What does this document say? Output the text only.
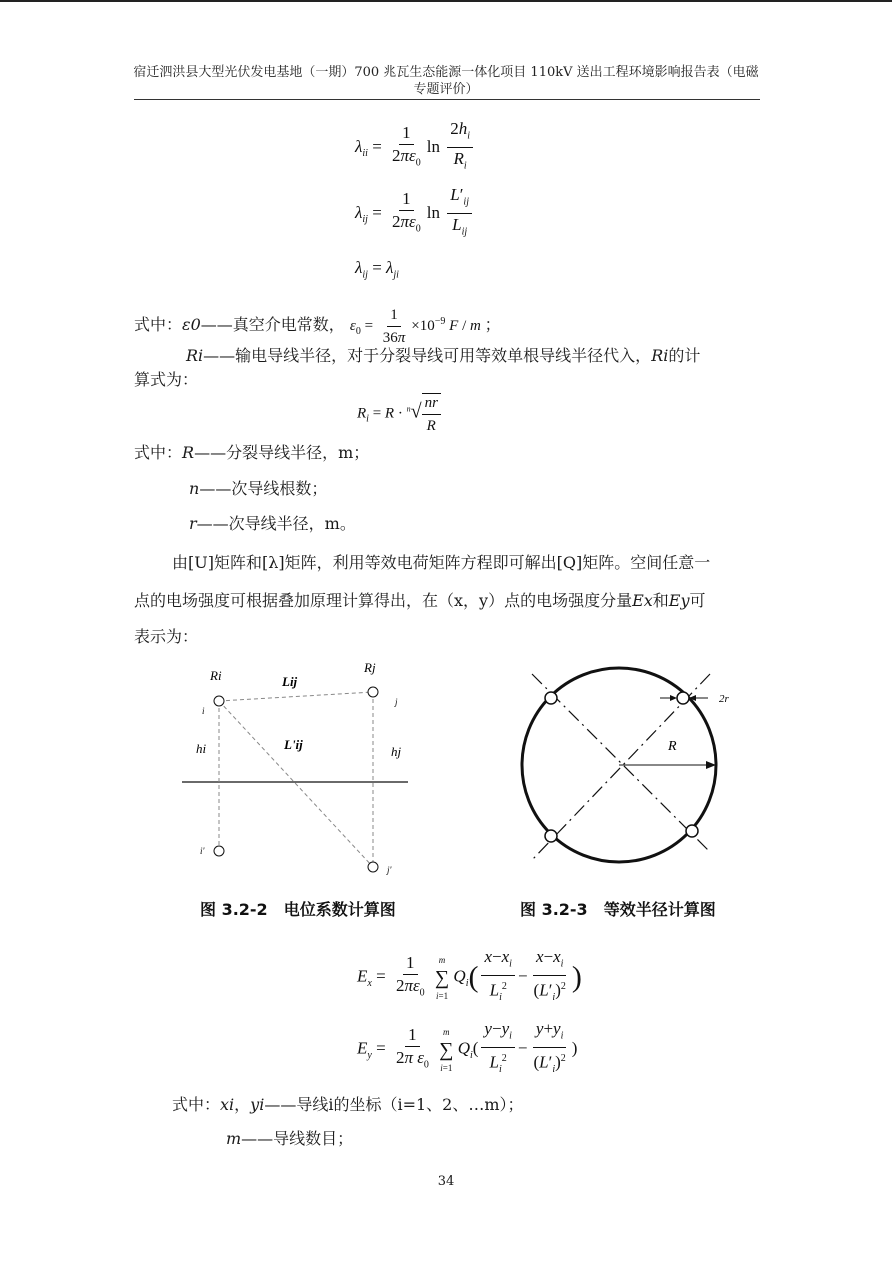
宿迁泗洪县大型光伏发电基地（一期）700 兆瓦生态能源一体化项目 110kV 送出工程环境影响报告表（电磁专题评价）
$\lambda_{ii} = \frac{1}{2\pi\varepsilon_0}$ $\ln \frac{2h_i}{R_i}$
$\lambda_{ij} = \frac{1}{2\pi\varepsilon_0}$ $\ln \frac{L'_{ij}}{L_{ij}}$
$\lambda_{ij} = \lambda_{ji}$
式中：ε0——真空介电常数， $\varepsilon_0 = \frac{1}{36\pi} \times 10^{-9}$ F / m ；
Ri——输电导线半径，对于分裂导线可用等效单根导线半径代入，Ri的计
算式为：
$R_i = R \cdot ^n√ \frac{nr}{R}$
式中：R——分裂导线半径，m；
n——次导线根数；
r——次导线半径，m。
由[U]矩阵和[λ]矩阵，利用等效电荷矩阵方程即可解出[Q]矩阵。空间任意一
点的电场强度可根据叠加原理计算得出，在（x，y）点的电场强度分量Ex和Ey可
表示为：
Ri
Rj
Lij
L'ij
hi	hj
i
j
i'
j'
2r
R
图 3.2-2　电位系数计算图	图 3.2-3　等效半径计算图
$E_x = \frac{1}{2\pi\varepsilon_0}$
m
∑
i=1
$Q_i( \frac{x-x_i}{L_i^2} - \frac{x-x_i}{(L'_i)^2}$ )
$E_y = \frac{1}{2\pi \varepsilon_0}$
m
∑
i=1
$Q_i( \frac{y-y_i}{L_i^2} - \frac{y+y_i}{(L'_i)^2}$ )
式中：xi，yi——导线i的坐标（i=1、2、…m）；
m——导线数目；
34
